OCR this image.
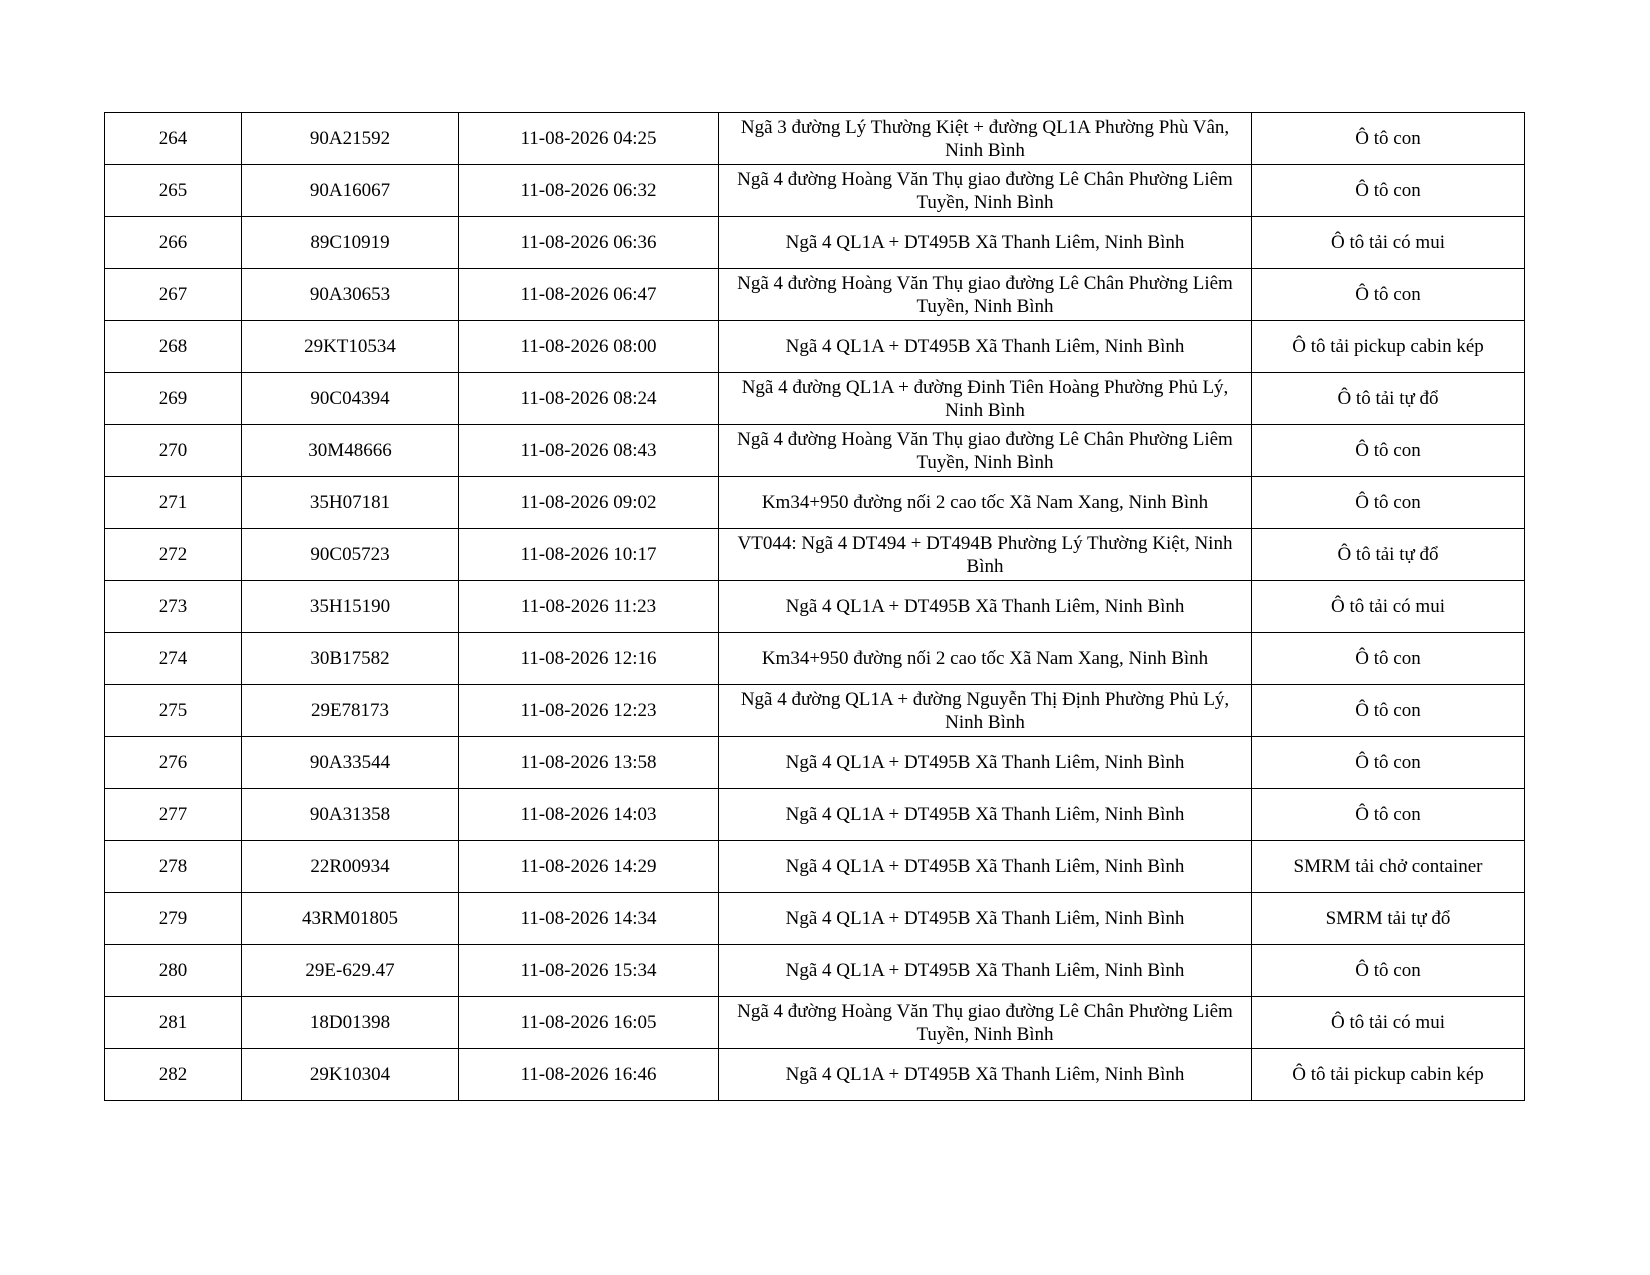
264	90A21592	11-08-2026 04:25	Ngã 3 đường Lý Thường Kiệt + đường QL1A Phường Phù Vân, Ninh Bình	Ô tô con
265	90A16067	11-08-2026 06:32	Ngã 4 đường Hoàng Văn Thụ giao đường Lê Chân Phường Liêm Tuyền, Ninh Bình	Ô tô con
266	89C10919	11-08-2026 06:36	Ngã 4 QL1A + DT495B Xã Thanh Liêm, Ninh Bình	Ô tô tải có mui
267	90A30653	11-08-2026 06:47	Ngã 4 đường Hoàng Văn Thụ giao đường Lê Chân Phường Liêm Tuyền, Ninh Bình	Ô tô con
268	29KT10534	11-08-2026 08:00	Ngã 4 QL1A + DT495B Xã Thanh Liêm, Ninh Bình	Ô tô tải pickup cabin kép
269	90C04394	11-08-2026 08:24	Ngã 4 đường QL1A + đường Đinh Tiên Hoàng Phường Phủ Lý, Ninh Bình	Ô tô tải tự đổ
270	30M48666	11-08-2026 08:43	Ngã 4 đường Hoàng Văn Thụ giao đường Lê Chân Phường Liêm Tuyền, Ninh Bình	Ô tô con
271	35H07181	11-08-2026 09:02	Km34+950 đường nối 2 cao tốc Xã Nam Xang, Ninh Bình	Ô tô con
272	90C05723	11-08-2026 10:17	VT044: Ngã 4 DT494 + DT494B Phường Lý Thường Kiệt, Ninh Bình	Ô tô tải tự đổ
273	35H15190	11-08-2026 11:23	Ngã 4 QL1A + DT495B Xã Thanh Liêm, Ninh Bình	Ô tô tải có mui
274	30B17582	11-08-2026 12:16	Km34+950 đường nối 2 cao tốc Xã Nam Xang, Ninh Bình	Ô tô con
275	29E78173	11-08-2026 12:23	Ngã 4 đường QL1A + đường Nguyễn Thị Định Phường Phủ Lý, Ninh Bình	Ô tô con
276	90A33544	11-08-2026 13:58	Ngã 4 QL1A + DT495B Xã Thanh Liêm, Ninh Bình	Ô tô con
277	90A31358	11-08-2026 14:03	Ngã 4 QL1A + DT495B Xã Thanh Liêm, Ninh Bình	Ô tô con
278	22R00934	11-08-2026 14:29	Ngã 4 QL1A + DT495B Xã Thanh Liêm, Ninh Bình	SMRM tải chở container
279	43RM01805	11-08-2026 14:34	Ngã 4 QL1A + DT495B Xã Thanh Liêm, Ninh Bình	SMRM tải tự đổ
280	29E-629.47	11-08-2026 15:34	Ngã 4 QL1A + DT495B Xã Thanh Liêm, Ninh Bình	Ô tô con
281	18D01398	11-08-2026 16:05	Ngã 4 đường Hoàng Văn Thụ giao đường Lê Chân Phường Liêm Tuyền, Ninh Bình	Ô tô tải có mui
282	29K10304	11-08-2026 16:46	Ngã 4 QL1A + DT495B Xã Thanh Liêm, Ninh Bình	Ô tô tải pickup cabin kép
